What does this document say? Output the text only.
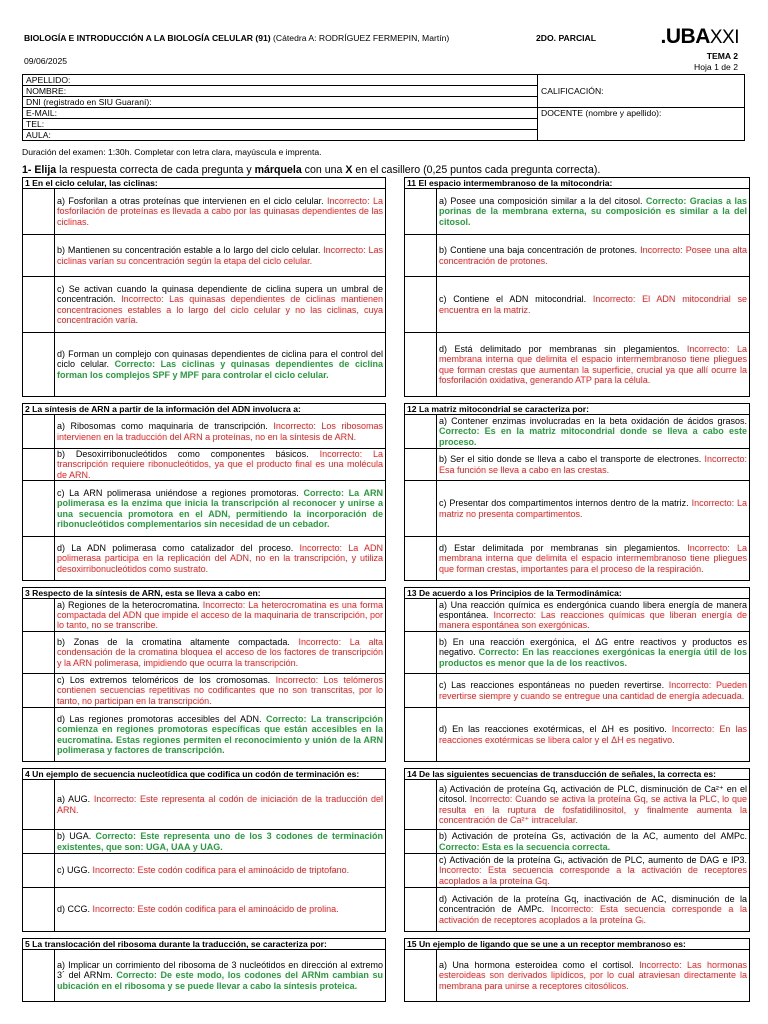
BIOLOGÍA E INTRODUCCIÓN A LA BIOLOGÍA CELULAR (91) (Cátedra A: RODRÍGUEZ FERMEPIN, Martín)	2DO. PARCIAL	.UBAXXI
TEMA 2
Hoja 1 de 2
09/06/2025
APELLIDO:	
NOMBRE:	CALIFICACIÓN:
DNI (registrado en SIU Guaraní):	
E-MAIL:	DOCENTE (nombre y apellido):
TEL:	
AULA:	
Duración del examen: 1:30h. Completar con letra clara, mayúscula e imprenta.
1- Elija la respuesta correcta de cada pregunta y márquela con una X en el casillero (0,25 puntos cada pregunta correcta).
1 En el ciclo celular, las ciclinas:
a) Fosforilan a otras proteínas que intervienen en el ciclo celular. Incorrecto: La fosforilación de proteínas es llevada a cabo por las quinasas dependientes de las ciclinas.
b) Mantienen su concentración estable a lo largo del ciclo celular. Incorrecto: Las ciclinas varían su concentración según la etapa del ciclo celular.
c) Se activan cuando la quinasa dependiente de ciclina supera un umbral de concentración. Incorrecto: Las quinasas dependientes de ciclinas mantienen concentraciones estables a lo largo del ciclo celular y no las ciclinas, cuya concentración varía.
d) Forman un complejo con quinasas dependientes de ciclina para el control del ciclo celular. Correcto: Las ciclinas y quinasas dependientes de ciclina forman los complejos SPF y MPF para controlar el ciclo celular.
2 La síntesis de ARN a partir de la información del ADN involucra a:
a) Ribosomas como maquinaria de transcripción. Incorrecto: Los ribosomas intervienen en la traducción del ARN a proteínas, no en la síntesis de ARN.
b) Desoxirribonucleótidos como componentes básicos. Incorrecto: La transcripción requiere ribonucleótidos, ya que el producto final es una molécula de ARN.
c) La ARN polimerasa uniéndose a regiones promotoras. Correcto: La ARN polimerasa es la enzima que inicia la transcripción al reconocer y unirse a una secuencia promotora en el ADN, permitiendo la incorporación de ribonucleótidos complementarios sin necesidad de un cebador.
d) La ADN polimerasa como catalizador del proceso. Incorrecto: La ADN polimerasa participa en la replicación del ADN, no en la transcripción, y utiliza desoxirribonucleótidos como sustrato.
3 Respecto de la síntesis de ARN, esta se lleva a cabo en:
a) Regiones de la heterocromatina. Incorrecto: La heterocromatina es una forma compactada del ADN que impide el acceso de la maquinaria de transcripción, por lo tanto, no se transcribe.
b) Zonas de la cromatina altamente compactada. Incorrecto: La alta condensación de la cromatina bloquea el acceso de los factores de transcripción y la ARN polimerasa, impidiendo que ocurra la transcripción.
c) Los extremos teloméricos de los cromosomas. Incorrecto: Los telómeros contienen secuencias repetitivas no codificantes que no son transcritas, por lo tanto, no participan en la transcripción.
d) Las regiones promotoras accesibles del ADN. Correcto: La transcripción comienza en regiones promotoras específicas que están accesibles en la eucromatina. Estas regiones permiten el reconocimiento y unión de la ARN polimerasa y factores de transcripción.
4 Un ejemplo de secuencia nucleotídica que codifica un codón de terminación es:
a) AUG. Incorrecto: Este representa al codón de iniciación de la traducción del ARN.
b) UGA. Correcto: Este representa uno de los 3 codones de terminación existentes, que son: UGA, UAA y UAG.
c) UGG. Incorrecto: Este codón codifica para el aminoácido de triptofano.
d) CCG. Incorrecto: Este codón codifica para el aminoácido de prolina.
5 La translocación del ribosoma durante la traducción, se caracteriza por:
a) Implicar un corrimiento del ribosoma de 3 nucleótidos en dirección al extremo 3´ del ARNm. Correcto: De este modo, los codones del ARNm cambian su ubicación en el ribosoma y se puede llevar a cabo la síntesis proteica.
11 El espacio intermembranoso de la mitocondria:
a) Posee una composición similar a la del citosol. Correcto: Gracias a las porinas de la membrana externa, su composición es similar a la del citosol.
b) Contiene una baja concentración de protones. Incorrecto: Posee una alta concentración de protones.
c) Contiene el ADN mitocondrial. Incorrecto: El ADN mitocondrial se encuentra en la matriz.
d) Está delimitado por membranas sin plegamientos. Incorrecto: La membrana interna que delimita el espacio intermembranoso tiene pliegues que forman crestas que aumentan la superficie, crucial ya que allí ocurre la fosforilación oxidativa, generando ATP para la célula.
12 La matriz mitocondrial se caracteriza por:
a) Contener enzimas involucradas en la beta oxidación de ácidos grasos. Correcto: Es en la matriz mitocondrial donde se lleva a cabo este proceso.
b) Ser el sitio donde se lleva a cabo el transporte de electrones. Incorrecto: Esa función se lleva a cabo en las crestas.
c) Presentar dos compartimentos internos dentro de la matriz. Incorrecto: La matriz no presenta compartimentos.
d) Estar delimitada por membranas sin plegamientos. Incorrecto: La membrana interna que delimita el espacio intermembranoso tiene pliegues que forman crestas, importantes para el proceso de la respiración.
13 De acuerdo a los Principios de la Termodinámica:
a) Una reacción química es endergónica cuando libera energía de manera espontánea. Incorrecto: Las reacciones químicas que liberan energía de manera espontánea son exergónicas.
b) En una reacción exergónica, el ΔG entre reactivos y productos es negativo. Correcto: En las reacciones exergónicas la energía útil de los productos es menor que la de los reactivos.
c) Las reacciones espontáneas no pueden revertirse. Incorrecto: Pueden revertirse siempre y cuando se entregue una cantidad de energía adecuada.
d) En las reacciones exotérmicas, el ΔH es positivo. Incorrecto: En las reacciones exotérmicas se libera calor y el ΔH es negativo.
14 De las siguientes secuencias de transducción de señales, la correcta es:
a) Activación de proteína Gq, activación de PLC, disminución de Ca²⁺ en el citosol. Incorrecto: Cuando se activa la proteína Gq, se activa la PLC, lo que resulta en la ruptura de fosfatidilinositol, y finalmente aumenta la concentración de Ca²⁺ intracelular.
b) Activación de proteína Gs, activación de la AC, aumento del AMPc. Correcto: Esta es la secuencia correcta.
c) Activación de la proteína Gᵢ, activación de PLC, aumento de DAG e IP3. Incorrecto: Esta secuencia corresponde a la activación de receptores acoplados a la proteína Gq.
d) Activación de la proteína Gq, inactivación de AC, disminución de la concentración de AMPc. Incorrecto: Esta secuencia corresponde a la activación de receptores acoplados a la proteína Gᵢ.
15 Un ejemplo de ligando que se une a un receptor membranoso es:
a) Una hormona esteroidea como el cortisol. Incorrecto: Las hormonas esteroideas son derivados lipídicos, por lo cual atraviesan directamente la membrana para unirse a receptores citosólicos.
